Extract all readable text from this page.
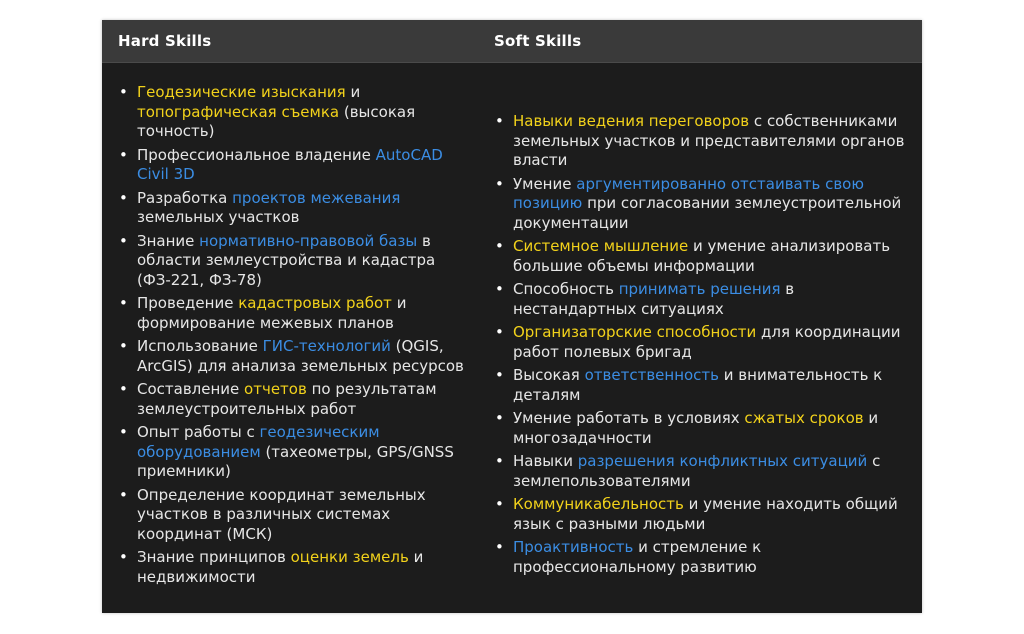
Hard Skills	Soft Skills
• Геодезические изыскания и топографическая съемка (высокая точность)
• Профессиональное владение AutoCAD Civil 3D
• Разработка проектов межевания земельных участков
• Знание нормативно-правовой базы в области землеустройства и кадастра (ФЗ-221, ФЗ-78)
• Проведение кадастровых работ и формирование межевых планов
• Использование ГИС-технологий (QGIS, ArcGIS) для анализа земельных ресурсов
• Составление отчетов по результатам землеустроительных работ
• Опыт работы с геодезическим оборудованием (тахеометры, GPS/GNSS приемники)
• Определение координат земельных участков в различных системах координат (МСК)
• Знание принципов оценки земель и недвижимости
• Навыки ведения переговоров с собственниками земельных участков и представителями органов власти
• Умение аргументированно отстаивать свою позицию при согласовании землеустроительной документации
• Системное мышление и умение анализировать большие объемы информации
• Способность принимать решения в нестандартных ситуациях
• Организаторские способности для координации работ полевых бригад
• Высокая ответственность и внимательность к деталям
• Умение работать в условиях сжатых сроков и многозадачности
• Навыки разрешения конфликтных ситуаций с землепользователями
• Коммуникабельность и умение находить общий язык с разными людьми
• Проактивность и стремление к профессиональному развитию
